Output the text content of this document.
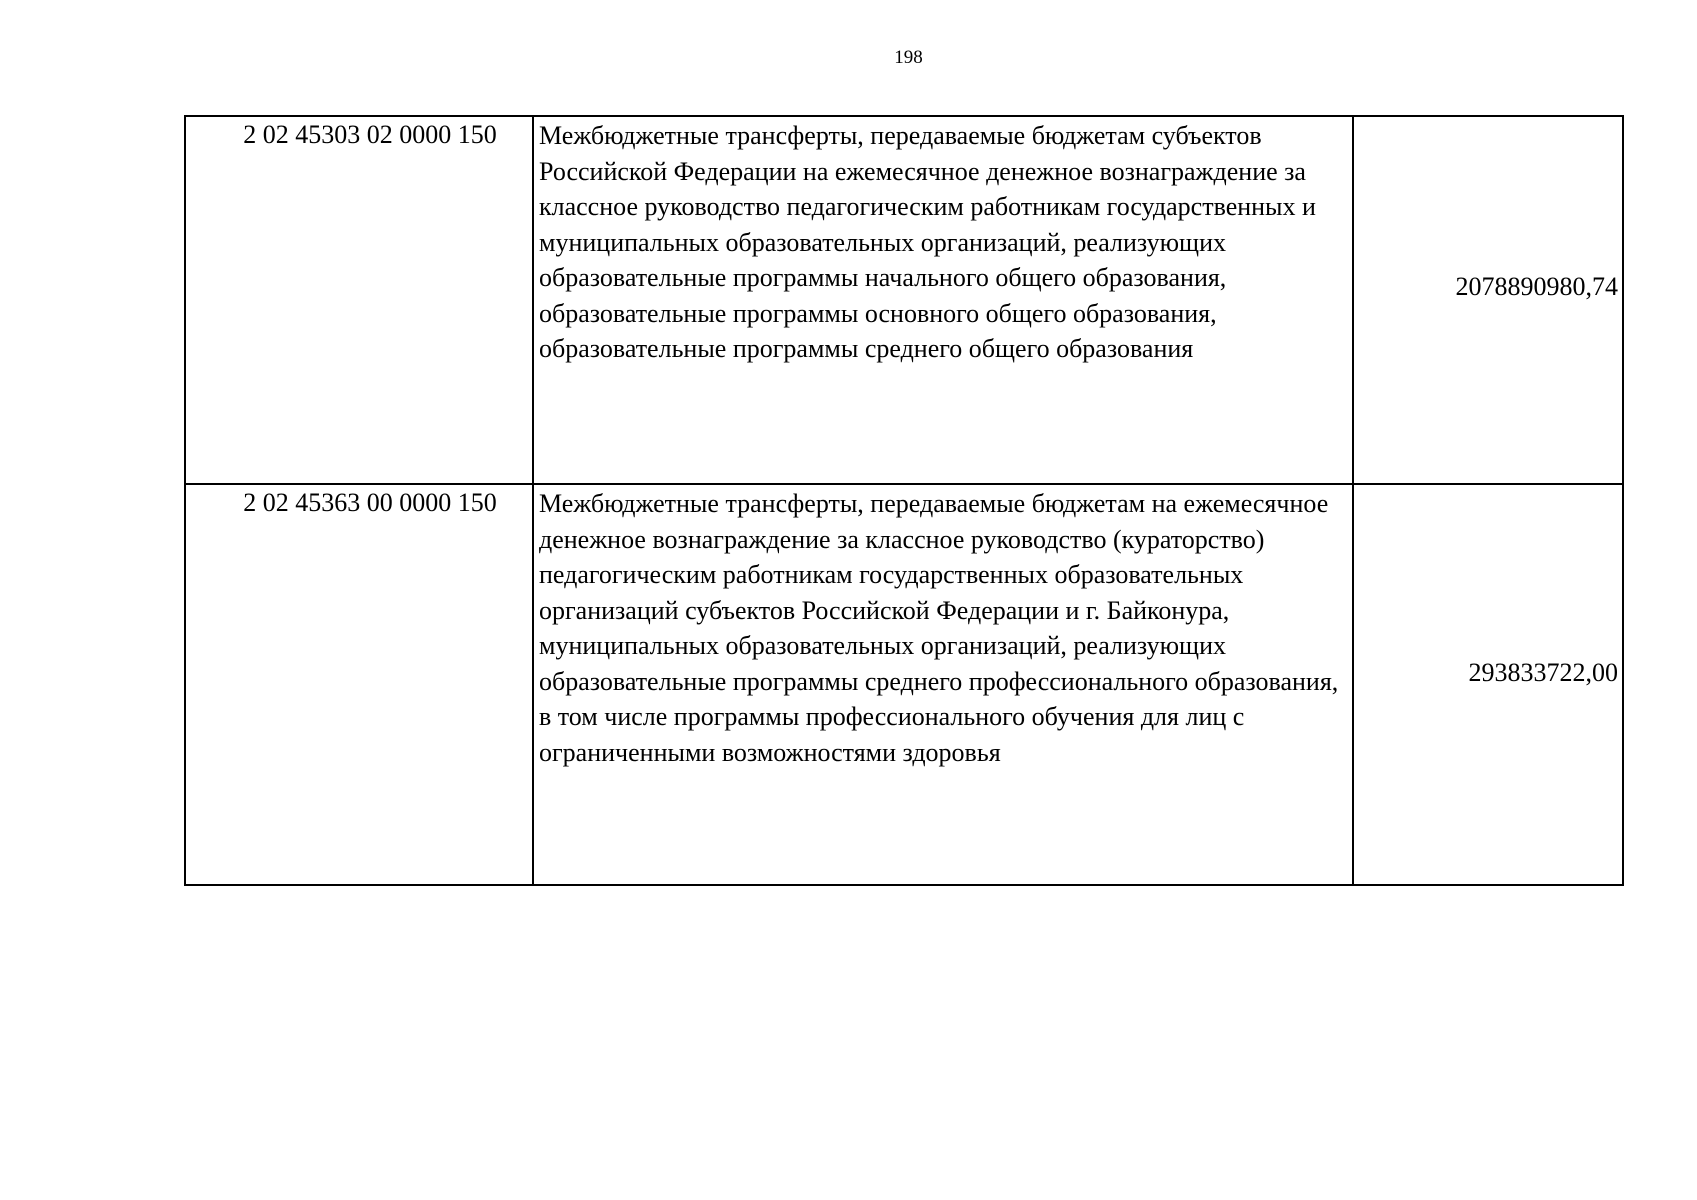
198
2 02 45303 02 0000 150	Межбюджетные трансферты, передаваемые бюджетам субъектов Российской Федерации на ежемесячное денежное вознаграждение за классное руководство педагогическим работникам государственных и муниципальных образовательных организаций, реализующих образовательные программы начального общего образования, образовательные программы основного общего образования, образовательные программы среднего общего образования	2078890980,74
2 02 45363 00 0000 150	Межбюджетные трансферты, передаваемые бюджетам на ежемесячное денежное вознаграждение за классное руководство (кураторство) педагогическим работникам государственных образовательных организаций субъектов Российской Федерации и г. Байконура, муниципальных образовательных организаций, реализующих образовательные программы среднего профессионального образования, в том числе программы профессионального обучения для лиц с ограниченными возможностями здоровья	293833722,00
